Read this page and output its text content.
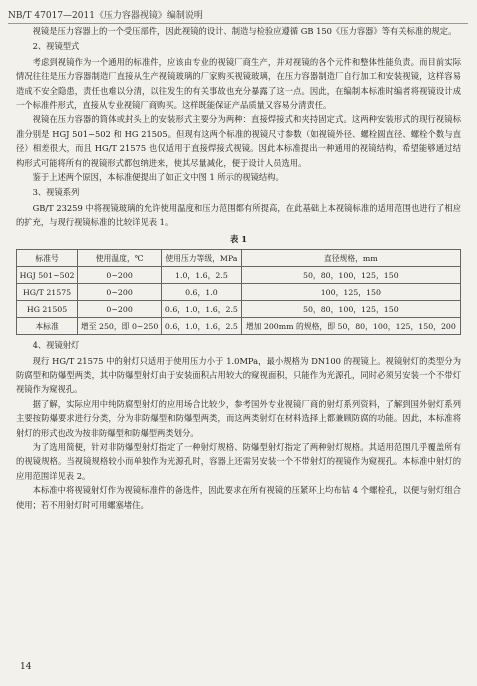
NB/T 47017—2011《压力容器视镜》编制说明

视镜是压力容器上的一个受压部件，因此视镜的设计、制造与检验应遵循 GB 150《压力容器》等有关标准的规定。

2、视镜型式

考虑到视镜作为一个通用的标准件，应该由专业的视镜厂商生产，并对视镜的各个元件和整体性能负责。而目前实际情况往往是压力容器制造厂直接从生产视镜玻璃的厂家购买视镜玻璃，在压力容器制造厂自行加工和安装视镜，这样容易造成不安全隐患，责任也难以分清，以往发生的有关事故也充分暴露了这一点。因此，在编制本标准时编者将视镜设计成一个标准件形式，直接从专业视镜厂商购买。这样既能保证产品质量又容易分清责任。

视镜在压力容器的筒体或封头上的安装形式主要分为两种：直接焊接式和夹持固定式。这两种安装形式的现行视镜标准分别是 HGJ 501~502 和 HG 21505。但现有这两个标准的视镜尺寸参数（如视镜外径、螺栓圆直径、螺栓个数与直径）相差很大，而且 HG/T 21575 也仅适用于直接焊接式视镜。因此本标准提出一种通用的视镜结构，希望能够通过结构形式可能将所有的视镜形式都包纳进来，使其尽量减化，便于设计人员选用。

鉴于上述两个原因，本标准便提出了如正文中图 1 所示的视镜结构。

3、视镜系列

GB/T 23259 中将视镜玻璃的允许使用温度和压力范围都有所提高，在此基础上本视镜标准的适用范围也进行了相应的扩充，与现行视镜标准的比较详见表 1。

表 1
标准号	使用温度，℃	使用压力等级，MPa	直径规格，mm
HGJ 501~502	0~200	1.0，1.6，2.5	50，80，100，125，150
HG/T 21575	0~200	0.6，1.0	100，125，150
HG 21505	0~200	0.6，1.0，1.6，2.5	50，80，100，125，150
本标准	增至 250，即 0~250	0.6，1.0，1.6，2.5	增加 200mm 的规格，即 50，80，100，125，150，200
4、视镜射灯

现行 HG/T 21575 中的射灯只适用于使用压力小于 1.0MPa，最小规格为 DN100 的视镜上。视镜射灯的类型分为防腐型和防爆型两类，其中防爆型射灯由于安装面积占用较大的窥视面积，只能作为光源孔，同时必须另安装一个不带灯视镜作为窥视孔。

据了解，实际应用中纯防腐型射灯的应用场合比较少，参考国外专业视镜厂商的射灯系列资料，了解到国外射灯系列主要按防爆要求进行分类，分为非防爆型和防爆型两类，而这两类射灯在材料选择上都兼顾防腐的功能。因此，本标准将射灯的形式也改为按非防爆型和防爆型两类划分。

为了选用简便，针对非防爆型射灯指定了一种射灯规格、防爆型射灯指定了两种射灯规格。其适用范围几乎覆盖所有的视镜规格。当视镜规格较小而单独作为光源孔时，容器上还需另安装一个不带射灯的视镜作为窥视孔。本标准中射灯的应用范围详见表 2。

本标准中将视镜射灯作为视镜标准件的备选件，因此要求在所有视镜的压紧环上均布钻 4 个螺栓孔，以便与射灯组合使用；若不用射灯时可用螺塞堵住。

14
